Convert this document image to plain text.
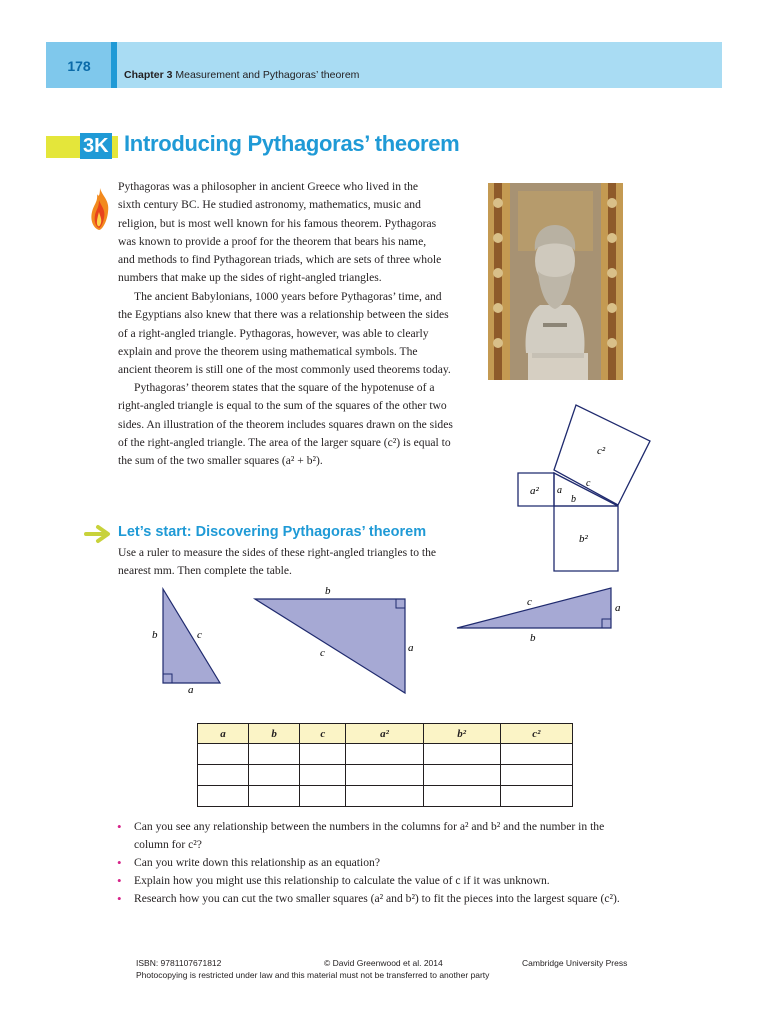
178
Chapter 3 Measurement and Pythagoras’ theorem
3K Introducing Pythagoras’ theorem
Pythagoras was a philosopher in ancient Greece who lived in the
sixth century BC. He studied astronomy, mathematics, music and
religion, but is most well known for his famous theorem. Pythagoras
was known to provide a proof for the theorem that bears his name,
and methods to find Pythagorean triads, which are sets of three whole
numbers that make up the sides of right-angled triangles.
The ancient Babylonians, 1000 years before Pythagoras’ time, and
the Egyptians also knew that there was a relationship between the sides
of a right-angled triangle. Pythagoras, however, was able to clearly
explain and prove the theorem using mathematical symbols. The
ancient theorem is still one of the most commonly used theorems today.
Pythagoras’ theorem states that the square of the hypotenuse of a
right-angled triangle is equal to the sum of the squares of the other two
sides. An illustration of the theorem includes squares drawn on the sides
of the right-angled triangle. The area of the larger square (c²) is equal to
the sum of the two smaller squares (a² + b²).
c²
a²
b²
a
b
c
Let’s start: Discovering Pythagoras’ theorem
Use a ruler to measure the sides of these right-angled triangles to the
nearest mm. Then complete the table.
b	c
a
b
a
c
c	a
b
a	b	c	a²	b²	c²

• Can you see any relationship between the numbers in the columns for a² and b² and the number in the
column for c²?
• Can you write down this relationship as an equation?
• Explain how you might use this relationship to calculate the value of c if it was unknown.
• Research how you can cut the two smaller squares (a² and b²) to fit the pieces into the largest square (c²).
ISBN: 9781107671812	© David Greenwood et al. 2014	Cambridge University Press
Photocopying is restricted under law and this material must not be transferred to another party
